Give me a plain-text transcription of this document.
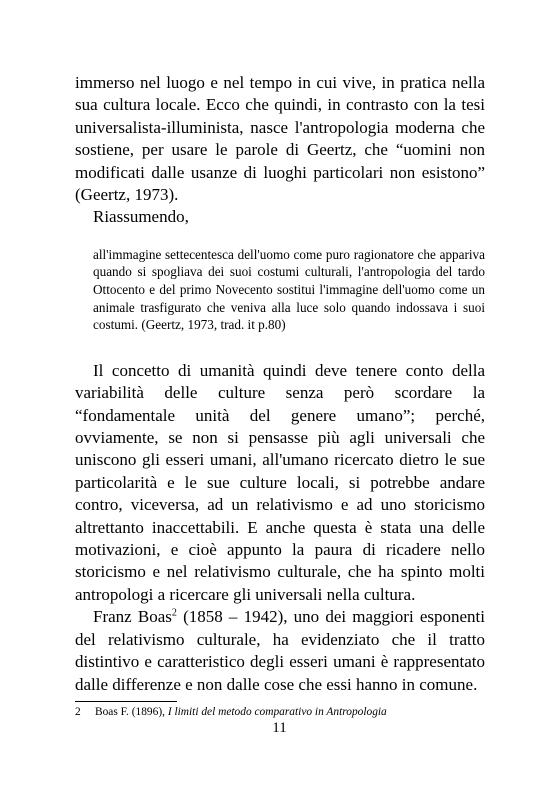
immerso nel luogo e nel tempo in cui vive, in pratica nella sua cultura locale. Ecco che quindi, in contrasto con la tesi universalista-illuminista, nasce l'antropologia moderna che sostiene, per usare le parole di Geertz, che “uomini non modificati dalle usanze di luoghi particolari non esistono” (Geertz, 1973).

Riassumendo,

all'immagine settecentesca dell'uomo come puro ragionatore che appariva quando si spogliava dei suoi costumi culturali, l'antropologia del tardo Ottocento e del primo Novecento sostitui l'immagine dell'uomo come un animale trasfigurato che veniva alla luce solo quando indossava i suoi costumi. (Geertz, 1973, trad. it p.80)

Il concetto di umanità quindi deve tenere conto della variabilità delle culture senza però scordare la “fondamentale unità del genere umano”; perché, ovviamente, se non si pensasse più agli universali che uniscono gli esseri umani, all'umano ricercato dietro le sue particolarità e le sue culture locali, si potrebbe andare contro, viceversa, ad un relativismo e ad uno storicismo altrettanto inaccettabili. E anche questa è stata una delle motivazioni, e cioè appunto la paura di ricadere nello storicismo e nel relativismo culturale, che ha spinto molti antropologi a ricercare gli universali nella cultura.

Franz Boas$^2$ (1858 – 1942), uno dei maggiori esponenti del relativismo culturale, ha evidenziato che il tratto distintivo e caratteristico degli esseri umani è rappresentato dalle differenze e non dalle cose che essi hanno in comune.

2 Boas F. (1896), I limiti del metodo comparativo in Antropologia

11
